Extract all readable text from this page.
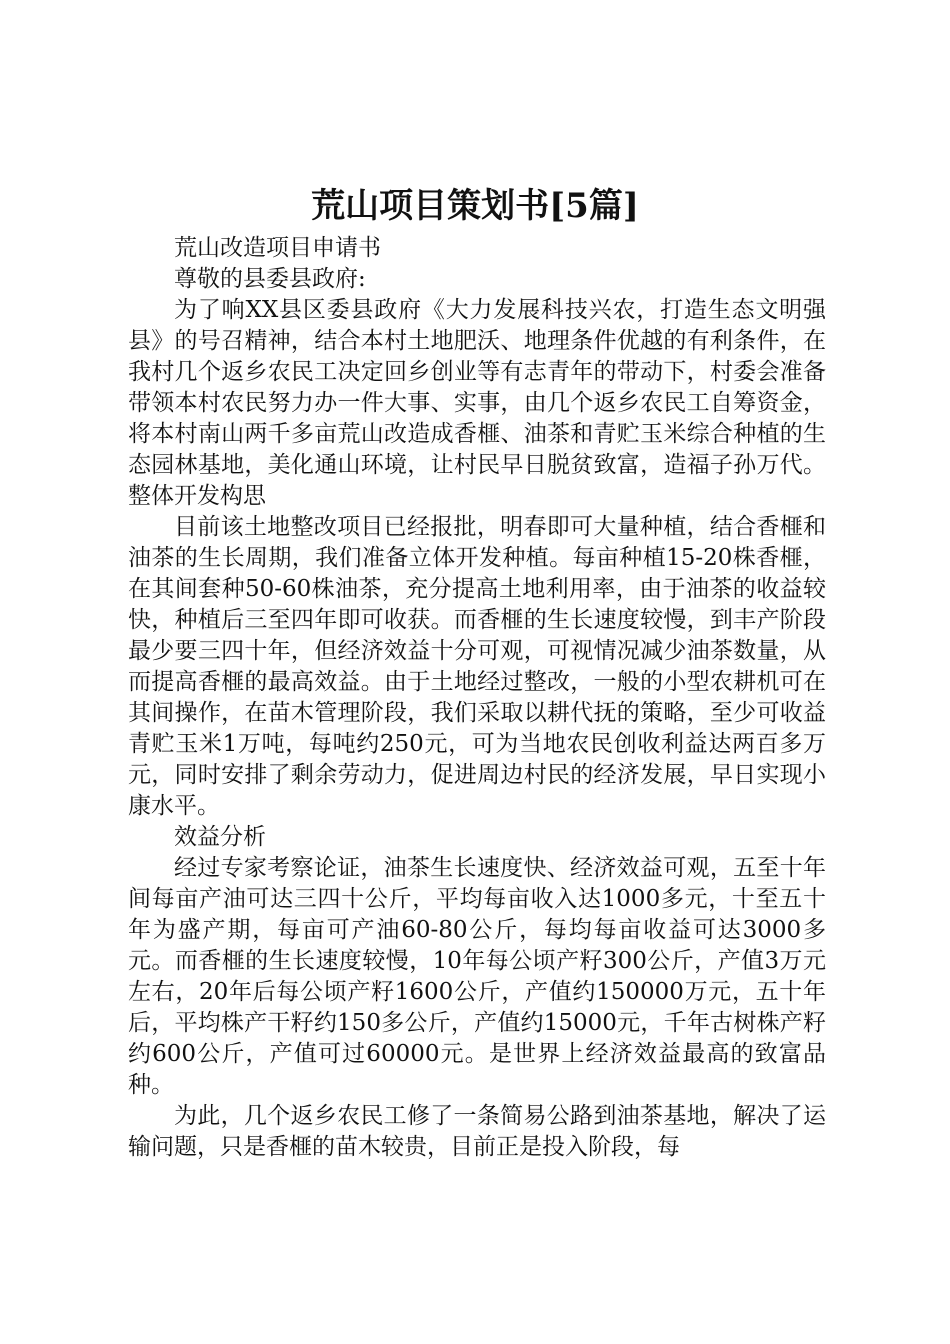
荒山项目策划书[5篇]

荒山改造项目申请书

尊敬的县委县政府:

为了响XX县区委县政府《大力发展科技兴农，打造生态文明强县》的号召精神，结合本村土地肥沃、地理条件优越的有利条件，在我村几个返乡农民工决定回乡创业等有志青年的带动下，村委会准备带领本村农民努力办一件大事、实事，由几个返乡农民工自筹资金，将本村南山两千多亩荒山改造成香榧、油茶和青贮玉米综合种植的生态园林基地，美化通山环境，让村民早日脱贫致富，造福子孙万代。整体开发构思

目前该土地整改项目已经报批，明春即可大量种植，结合香榧和油茶的生长周期，我们准备立体开发种植。每亩种植15-20株香榧，在其间套种50-60株油茶，充分提高土地利用率，由于油茶的收益较快，种植后三至四年即可收获。而香榧的生长速度较慢，到丰产阶段最少要三四十年，但经济效益十分可观，可视情况减少油茶数量，从而提高香榧的最高效益。由于土地经过整改，一般的小型农耕机可在其间操作，在苗木管理阶段，我们采取以耕代抚的策略，至少可收益青贮玉米1万吨，每吨约250元，可为当地农民创收利益达两百多万元，同时安排了剩余劳动力，促进周边村民的经济发展，早日实现小康水平。

效益分析

经过专家考察论证，油茶生长速度快、经济效益可观，五至十年间每亩产油可达三四十公斤，平均每亩收入达1000多元，十至五十年为盛产期，每亩可产油60-80公斤，每均每亩收益可达3000多元。而香榧的生长速度较慢，10年每公顷产籽300公斤，产值3万元左右，20年后每公顷产籽1600公斤，产值约150000万元，五十年后，平均株产干籽约150多公斤，产值约15000元，千年古树株产籽约600公斤，产值可过60000元。是世界上经济效益最高的致富品种。

为此，几个返乡农民工修了一条简易公路到油茶基地，解决了运输问题，只是香榧的苗木较贵，目前正是投入阶段，每
